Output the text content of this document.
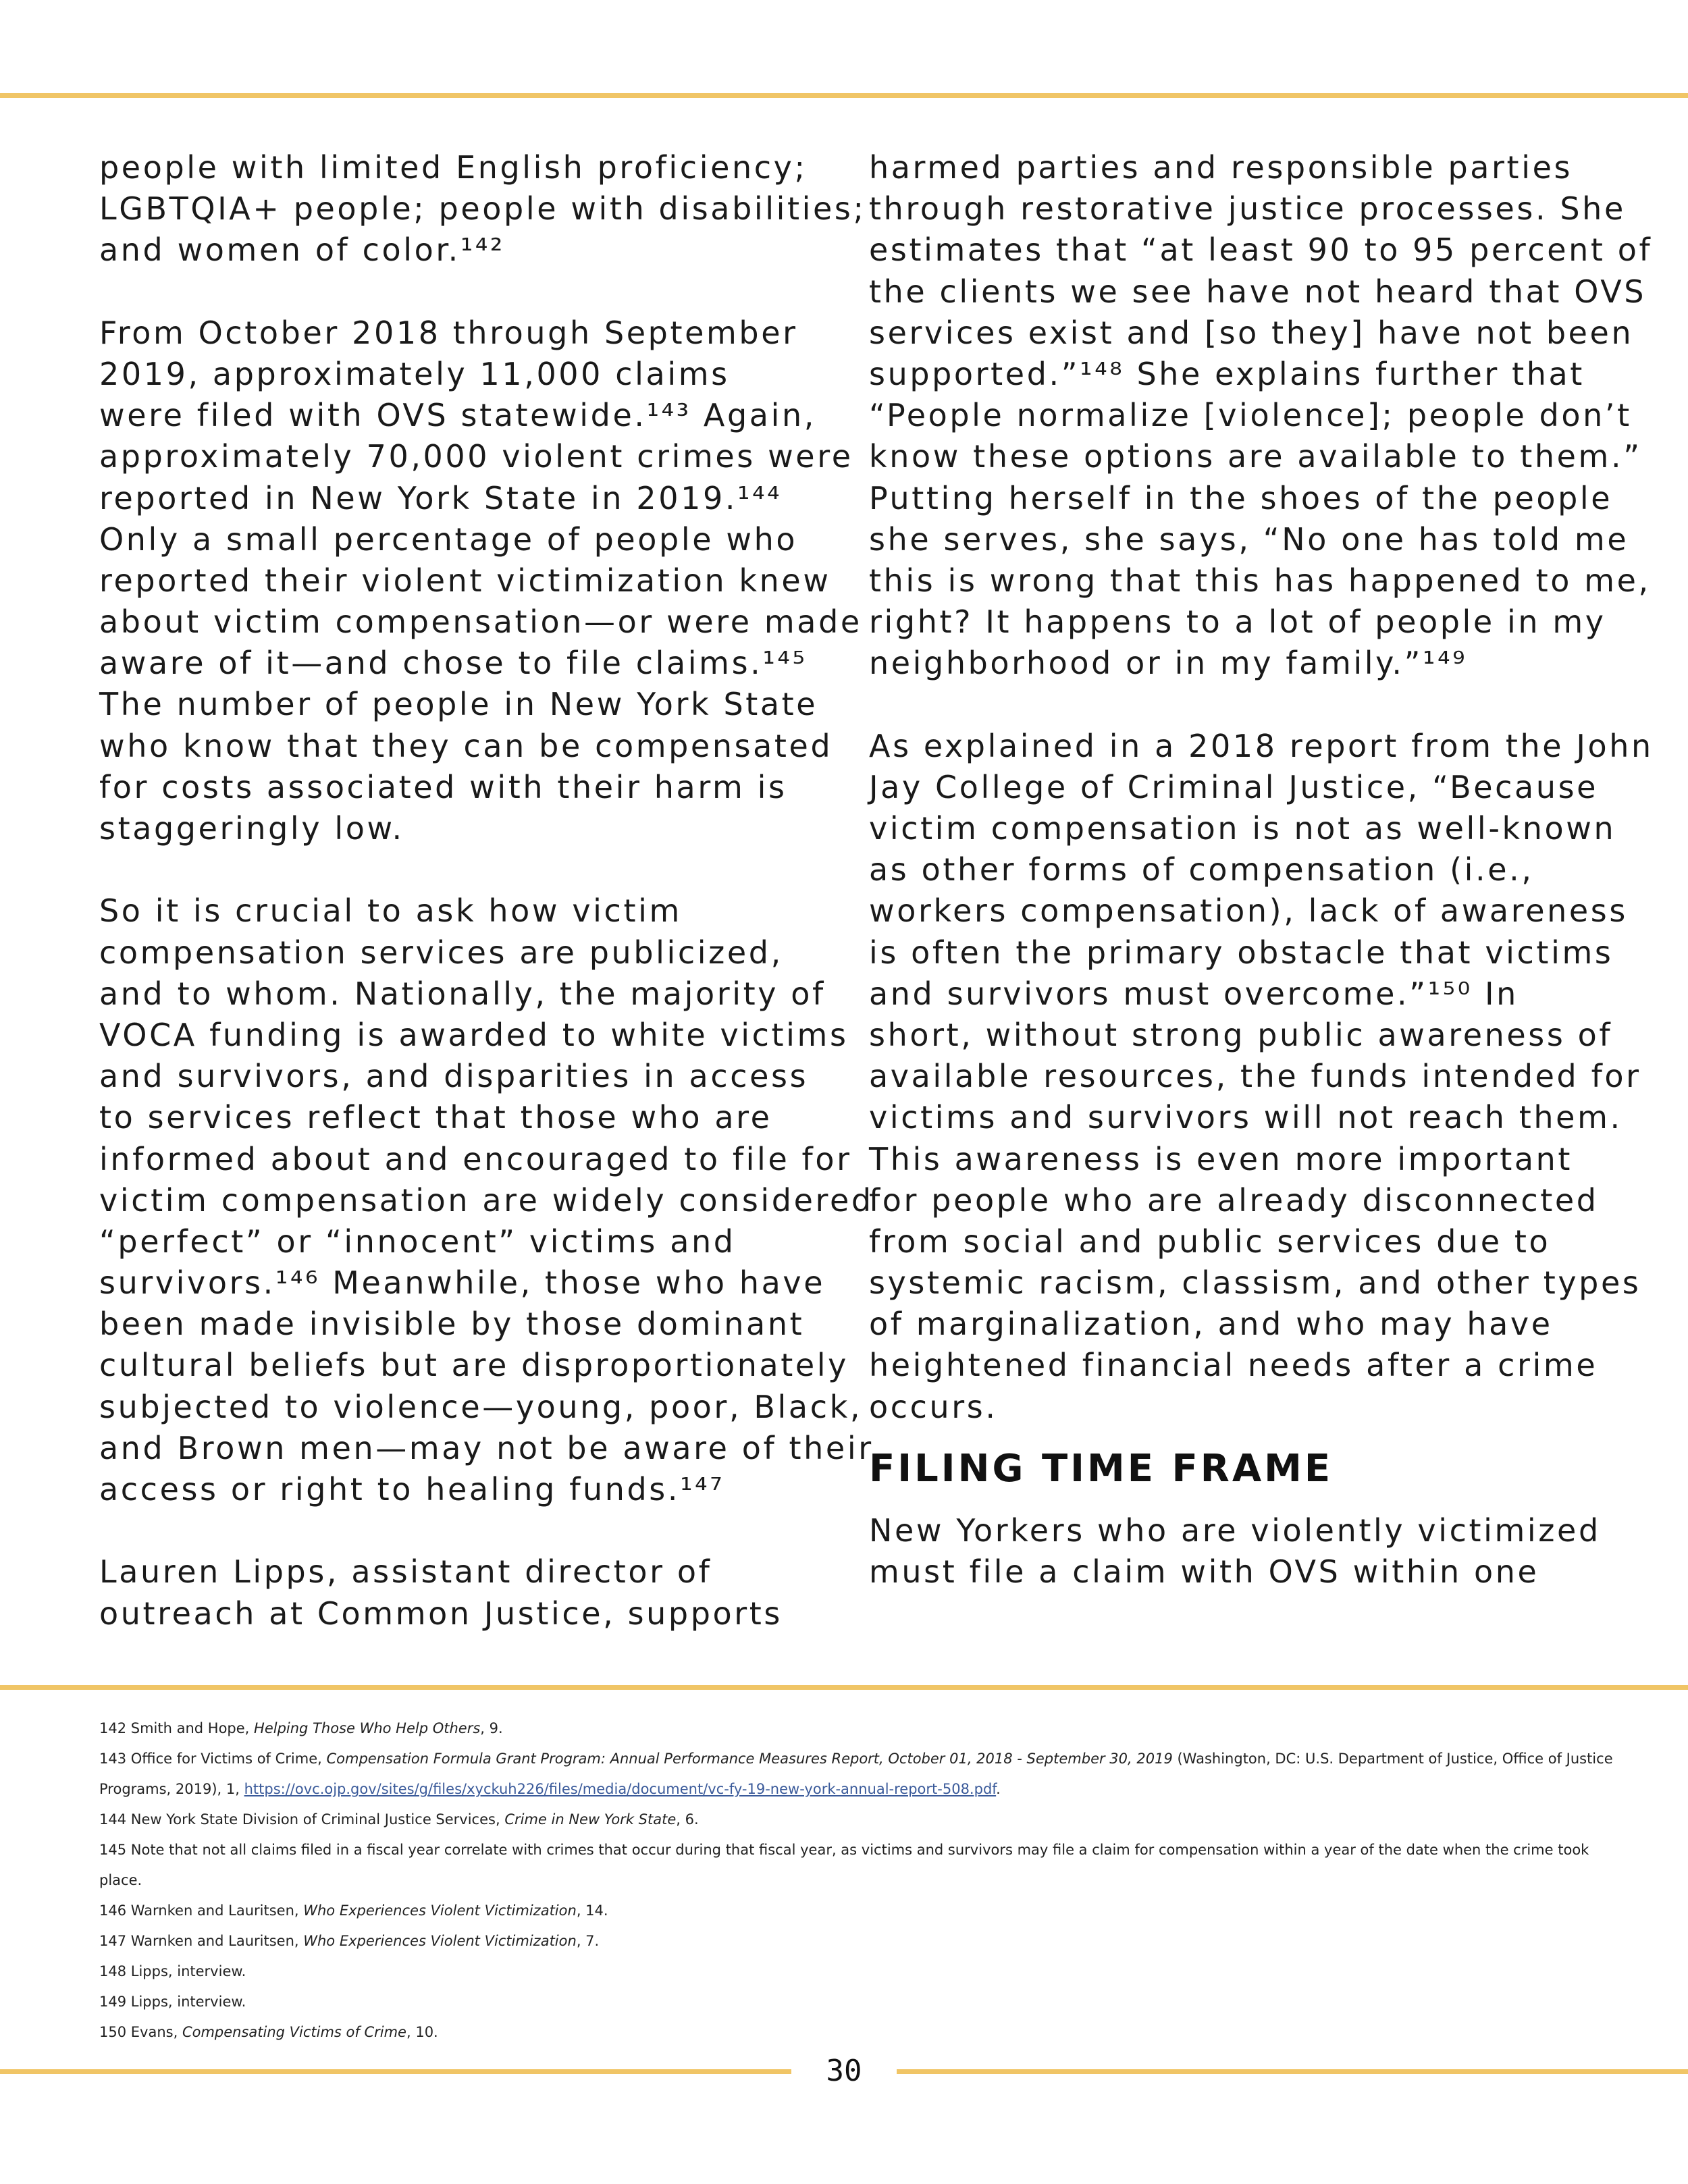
people with limited English proficiency;
LGBTQIA+ people; people with disabilities;
and women of color.¹⁴²
From October 2018 through September
2019, approximately 11,000 claims
were filed with OVS statewide.¹⁴³ Again,
approximately 70,000 violent crimes were
reported in New York State in 2019.¹⁴⁴
Only a small percentage of people who
reported their violent victimization knew
about victim compensation—or were made
aware of it—and chose to file claims.¹⁴⁵
The number of people in New York State
who know that they can be compensated
for costs associated with their harm is
staggeringly low.
So it is crucial to ask how victim
compensation services are publicized,
and to whom. Nationally, the majority of
VOCA funding is awarded to white victims
and survivors, and disparities in access
to services reflect that those who are
informed about and encouraged to file for
victim compensation are widely considered
“perfect” or “innocent” victims and
survivors.¹⁴⁶ Meanwhile, those who have
been made invisible by those dominant
cultural beliefs but are disproportionately
subjected to violence—young, poor, Black,
and Brown men—may not be aware of their
access or right to healing funds.¹⁴⁷
Lauren Lipps, assistant director of
outreach at Common Justice, supports
harmed parties and responsible parties
through restorative justice processes. She
estimates that “at least 90 to 95 percent of
the clients we see have not heard that OVS
services exist and [so they] have not been
supported.”¹⁴⁸ She explains further that
“People normalize [violence]; people don’t
know these options are available to them.”
Putting herself in the shoes of the people
she serves, she says, “No one has told me
this is wrong that this has happened to me,
right? It happens to a lot of people in my
neighborhood or in my family.”¹⁴⁹
As explained in a 2018 report from the John
Jay College of Criminal Justice, “Because
victim compensation is not as well-known
as other forms of compensation (i.e.,
workers compensation), lack of awareness
is often the primary obstacle that victims
and survivors must overcome.”¹⁵⁰ In
short, without strong public awareness of
available resources, the funds intended for
victims and survivors will not reach them.
This awareness is even more important
for people who are already disconnected
from social and public services due to
systemic racism, classism, and other types
of marginalization, and who may have
heightened financial needs after a crime
occurs.
FILING TIME FRAME
New Yorkers who are violently victimized
must file a claim with OVS within one
142 Smith and Hope, Helping Those Who Help Others, 9.
143 Office for Victims of Crime, Compensation Formula Grant Program: Annual Performance Measures Report, October 01, 2018 - September 30, 2019 (Washington, DC: U.S. Department of Justice, Office of Justice
Programs, 2019), 1, https://ovc.ojp.gov/sites/g/files/xyckuh226/files/media/document/vc-fy-19-new-york-annual-report-508.pdf.
144 New York State Division of Criminal Justice Services, Crime in New York State, 6.
145 Note that not all claims filed in a fiscal year correlate with crimes that occur during that fiscal year, as victims and survivors may file a claim for compensation within a year of the date when the crime took
place.
146 Warnken and Lauritsen, Who Experiences Violent Victimization, 14.
147 Warnken and Lauritsen, Who Experiences Violent Victimization, 7.
148 Lipps, interview.
149 Lipps, interview.
150 Evans, Compensating Victims of Crime, 10.
30
